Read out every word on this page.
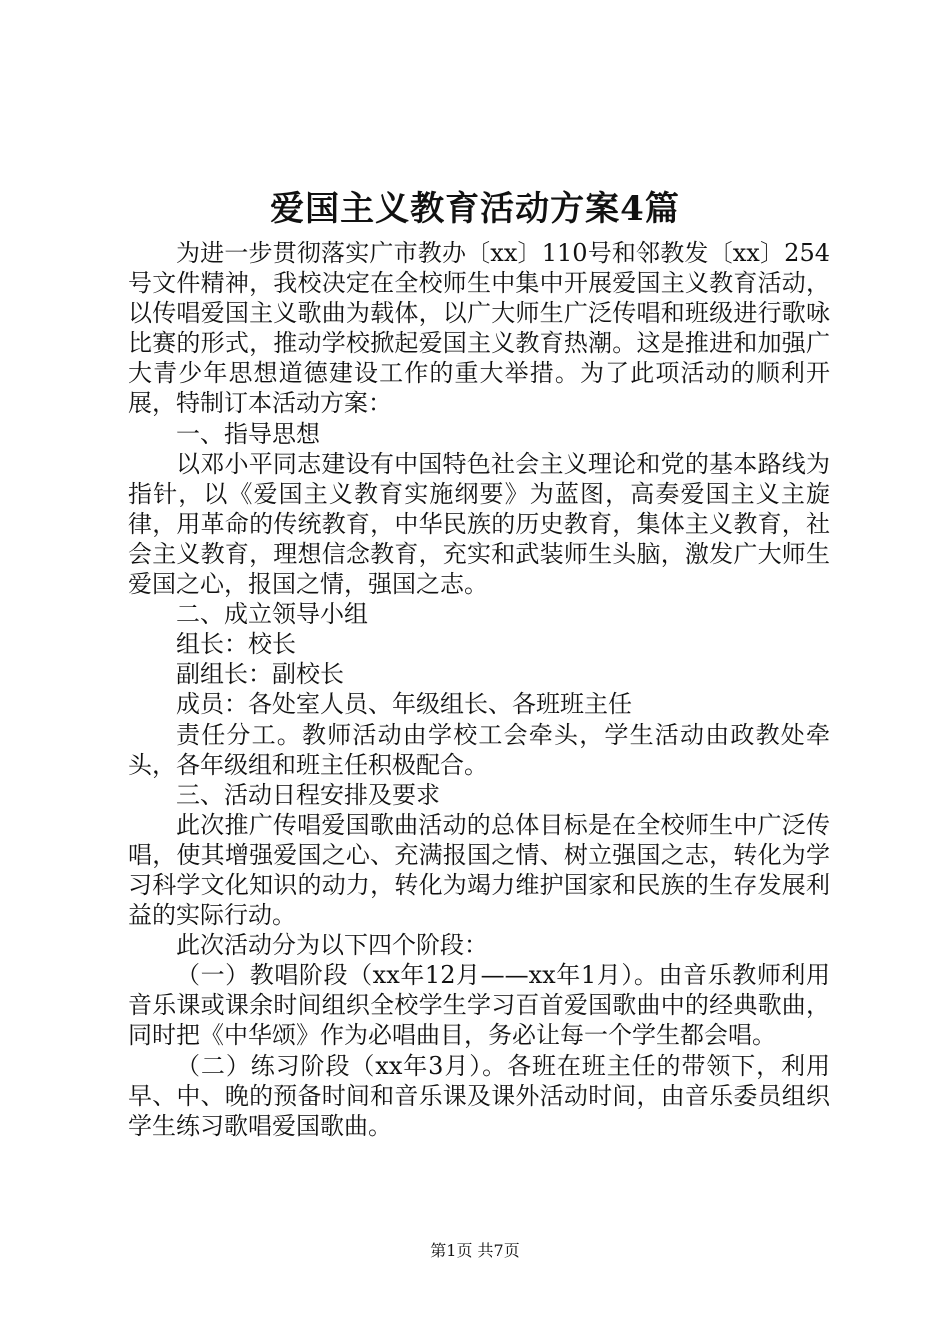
爱国主义教育活动方案4篇

为进一步贯彻落实广市教办〔xx〕110号和邻教发〔xx〕254号文件精神，我校决定在全校师生中集中开展爱国主义教育活动，以传唱爱国主义歌曲为载体，以广大师生广泛传唱和班级进行歌咏比赛的形式，推动学校掀起爱国主义教育热潮。这是推进和加强广大青少年思想道德建设工作的重大举措。为了此项活动的顺利开展，特制订本活动方案：

一、指导思想

以邓小平同志建设有中国特色社会主义理论和党的基本路线为指针，以《爱国主义教育实施纲要》为蓝图，高奏爱国主义主旋律，用革命的传统教育，中华民族的历史教育，集体主义教育，社会主义教育，理想信念教育，充实和武装师生头脑，激发广大师生爱国之心，报国之情，强国之志。

二、成立领导小组

组长：校长

副组长：副校长

成员：各处室人员、年级组长、各班班主任

责任分工。教师活动由学校工会牵头，学生活动由政教处牵头，各年级组和班主任积极配合。

三、活动日程安排及要求

此次推广传唱爱国歌曲活动的总体目标是在全校师生中广泛传唱，使其增强爱国之心、充满报国之情、树立强国之志，转化为学习科学文化知识的动力，转化为竭力维护国家和民族的生存发展利益的实际行动。

此次活动分为以下四个阶段：

（一）教唱阶段（xx年12月——xx年1月）。由音乐教师利用音乐课或课余时间组织全校学生学习百首爱国歌曲中的经典歌曲，同时把《中华颂》作为必唱曲目，务必让每一个学生都会唱。

（二）练习阶段（xx年3月）。各班在班主任的带领下，利用早、中、晚的预备时间和音乐课及课外活动时间，由音乐委员组织学生练习歌唱爱国歌曲。

第1页 共7页
